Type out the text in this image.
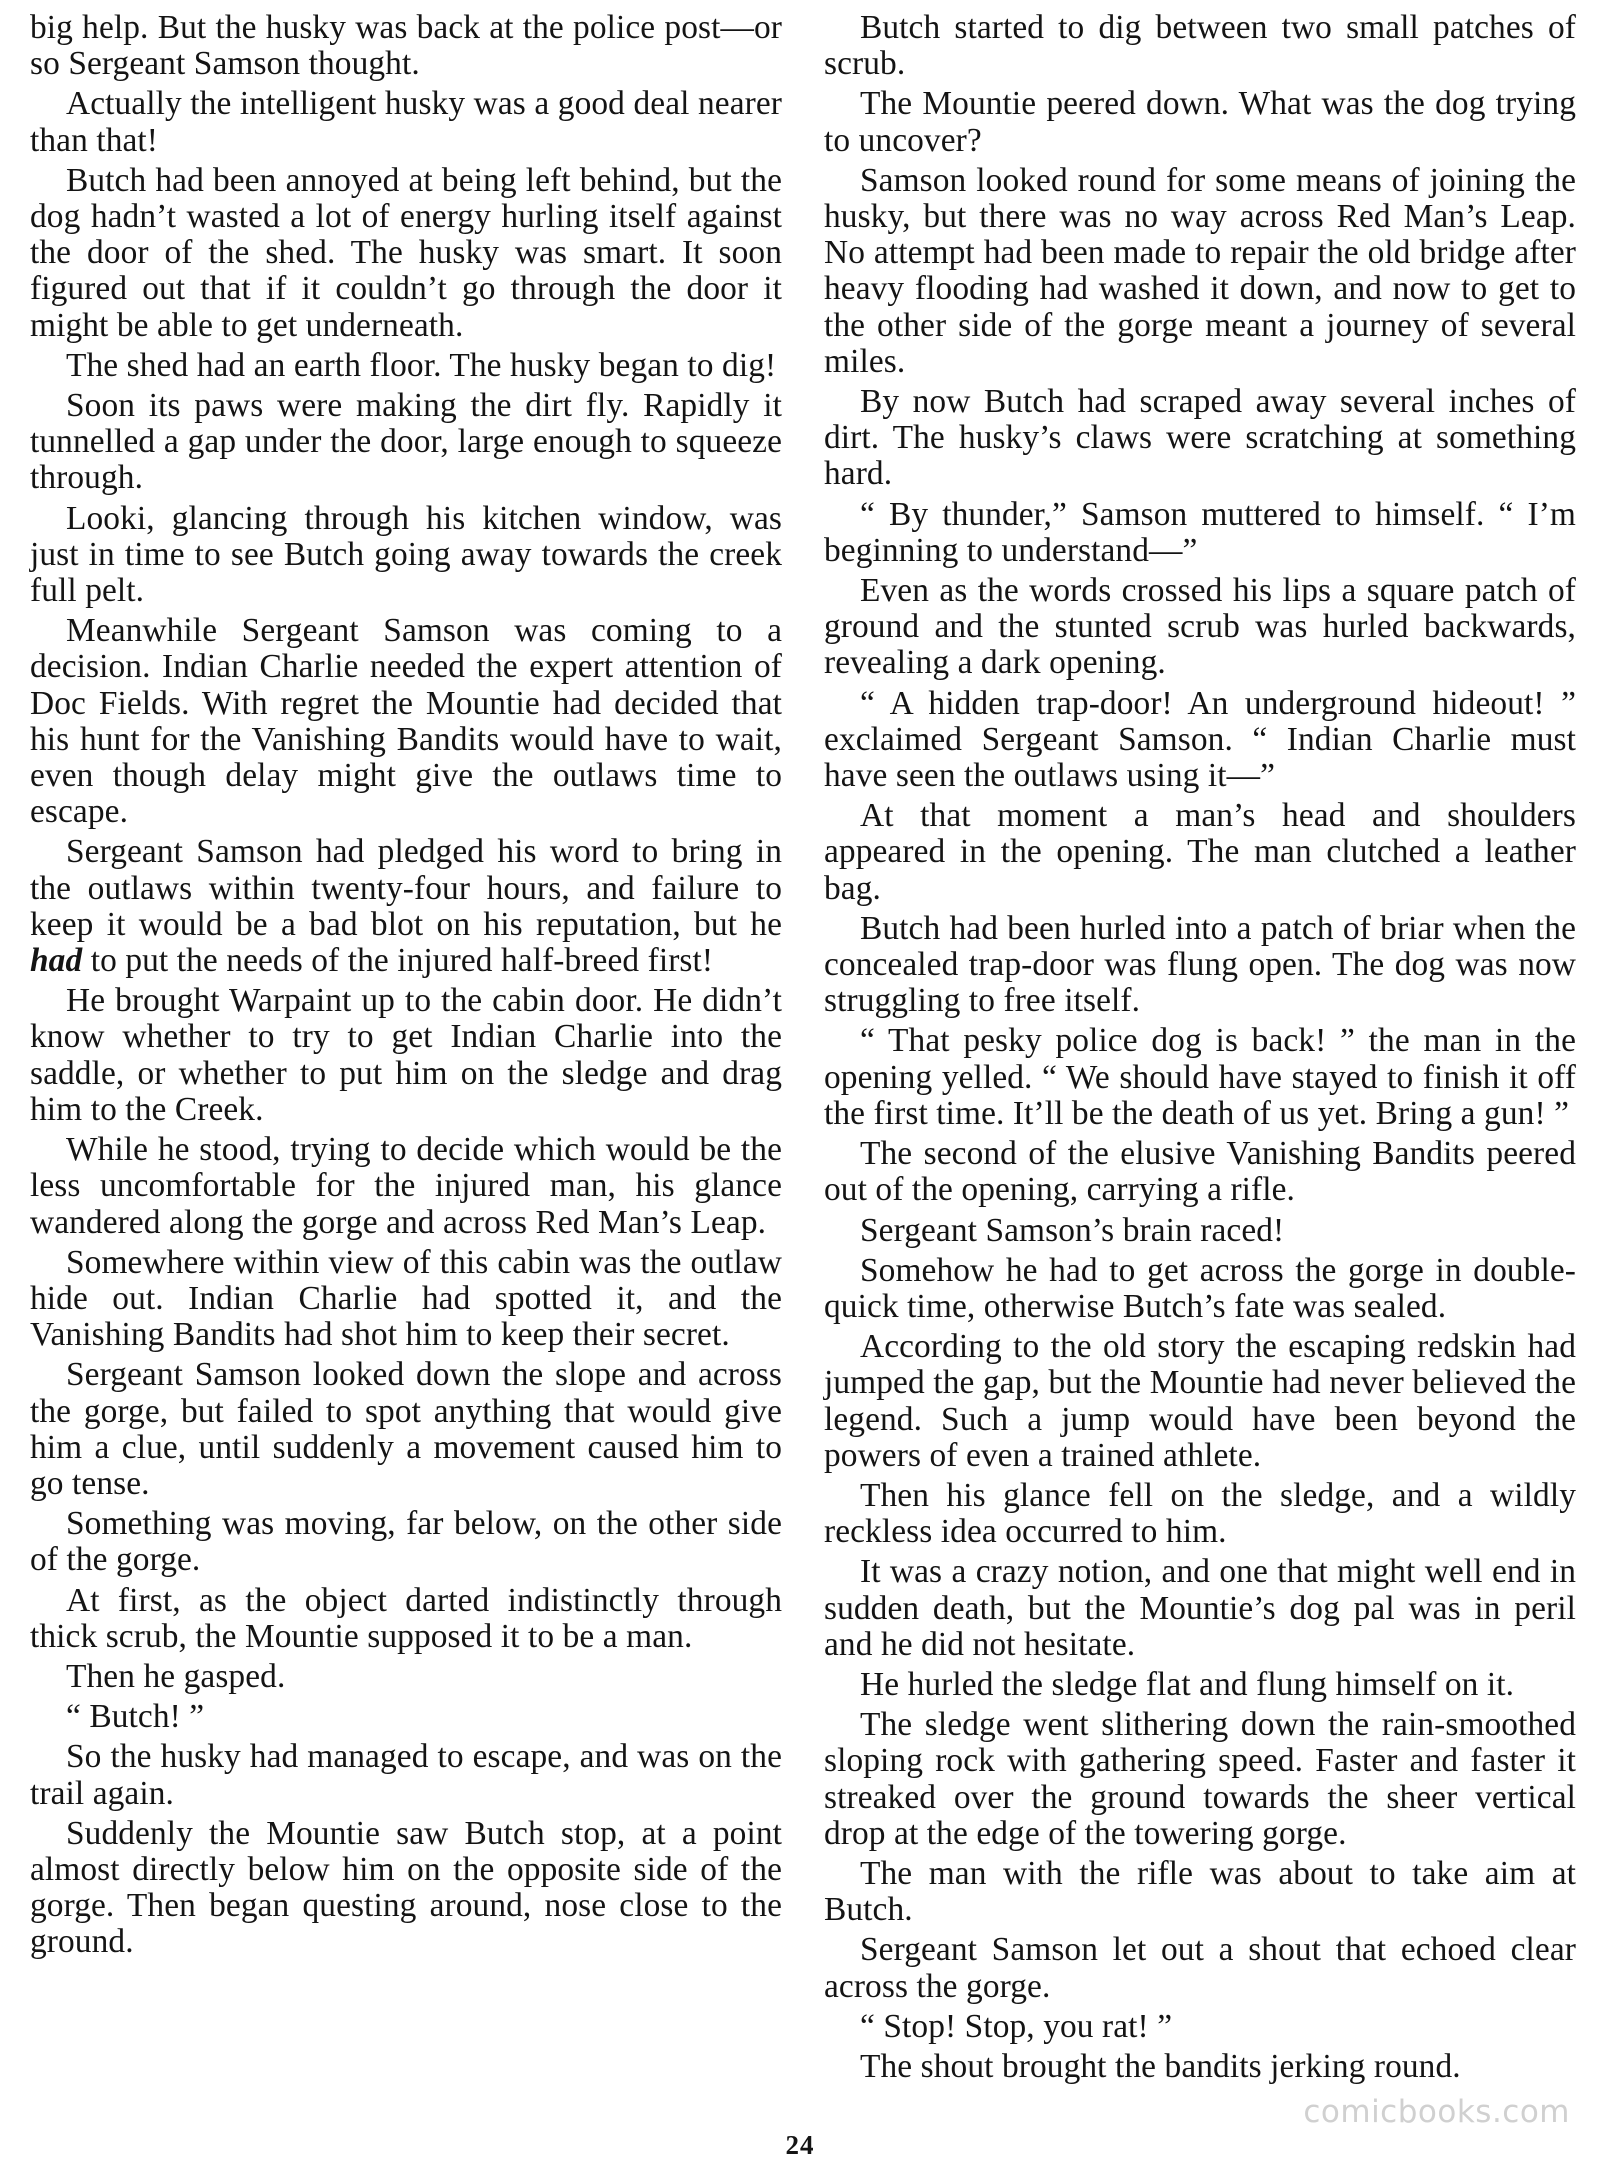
big help. But the husky was back at the police post—or so Sergeant Samson thought.

Actually the intelligent husky was a good deal nearer than that!

Butch had been annoyed at being left behind, but the dog hadn’t wasted a lot of energy hurling itself against the door of the shed. The husky was smart. It soon figured out that if it couldn’t go through the door it might be able to get underneath.

The shed had an earth floor. The husky began to dig!

Soon its paws were making the dirt fly. Rapidly it tunnelled a gap under the door, large enough to squeeze through.

Looki, glancing through his kitchen window, was just in time to see Butch going away towards the creek full pelt.

Meanwhile Sergeant Samson was coming to a decision. Indian Charlie needed the expert attention of Doc Fields. With regret the Mountie had decided that his hunt for the Vanishing Bandits would have to wait, even though delay might give the outlaws time to escape.

Sergeant Samson had pledged his word to bring in the outlaws within twenty-four hours, and failure to keep it would be a bad blot on his reputation, but he had to put the needs of the injured half-breed first!

He brought Warpaint up to the cabin door. He didn’t know whether to try to get Indian Charlie into the saddle, or whether to put him on the sledge and drag him to the Creek.

While he stood, trying to decide which would be the less uncomfortable for the injured man, his glance wandered along the gorge and across Red Man’s Leap.

Somewhere within view of this cabin was the outlaw hide out. Indian Charlie had spotted it, and the Vanishing Bandits had shot him to keep their secret.

Sergeant Samson looked down the slope and across the gorge, but failed to spot anything that would give him a clue, until suddenly a movement caused him to go tense.

Something was moving, far below, on the other side of the gorge.

At first, as the object darted indistinctly through thick scrub, the Mountie supposed it to be a man.

Then he gasped.

“ Butch! ”

So the husky had managed to escape, and was on the trail again.

Suddenly the Mountie saw Butch stop, at a point almost directly below him on the opposite side of the gorge. Then began questing around, nose close to the ground.

Butch started to dig between two small patches of scrub.

The Mountie peered down. What was the dog trying to uncover?

Samson looked round for some means of joining the husky, but there was no way across Red Man’s Leap. No attempt had been made to repair the old bridge after heavy flooding had washed it down, and now to get to the other side of the gorge meant a journey of several miles.

By now Butch had scraped away several inches of dirt. The husky’s claws were scratching at something hard.

“ By thunder,” Samson muttered to himself. “ I’m beginning to understand—”

Even as the words crossed his lips a square patch of ground and the stunted scrub was hurled backwards, revealing a dark opening.

“ A hidden trap-door! An underground hideout! ” exclaimed Sergeant Samson. “ Indian Charlie must have seen the outlaws using it—”

At that moment a man’s head and shoulders appeared in the opening. The man clutched a leather bag.

Butch had been hurled into a patch of briar when the concealed trap-door was flung open. The dog was now struggling to free itself.

“ That pesky police dog is back! ” the man in the opening yelled. “ We should have stayed to finish it off the first time. It’ll be the death of us yet. Bring a gun! ”

The second of the elusive Vanishing Bandits peered out of the opening, carrying a rifle.

Sergeant Samson’s brain raced!

Somehow he had to get across the gorge in double-quick time, otherwise Butch’s fate was sealed.

According to the old story the escaping redskin had jumped the gap, but the Mountie had never believed the legend. Such a jump would have been beyond the powers of even a trained athlete.

Then his glance fell on the sledge, and a wildly reckless idea occurred to him.

It was a crazy notion, and one that might well end in sudden death, but the Mountie’s dog pal was in peril and he did not hesitate.

He hurled the sledge flat and flung himself on it.

The sledge went slithering down the rain-smoothed sloping rock with gathering speed. Faster and faster it streaked over the ground towards the sheer vertical drop at the edge of the towering gorge.

The man with the rifle was about to take aim at Butch.

Sergeant Samson let out a shout that echoed clear across the gorge.

“ Stop! Stop, you rat! ”

The shout brought the bandits jerking round.

24
comicbooks.com
